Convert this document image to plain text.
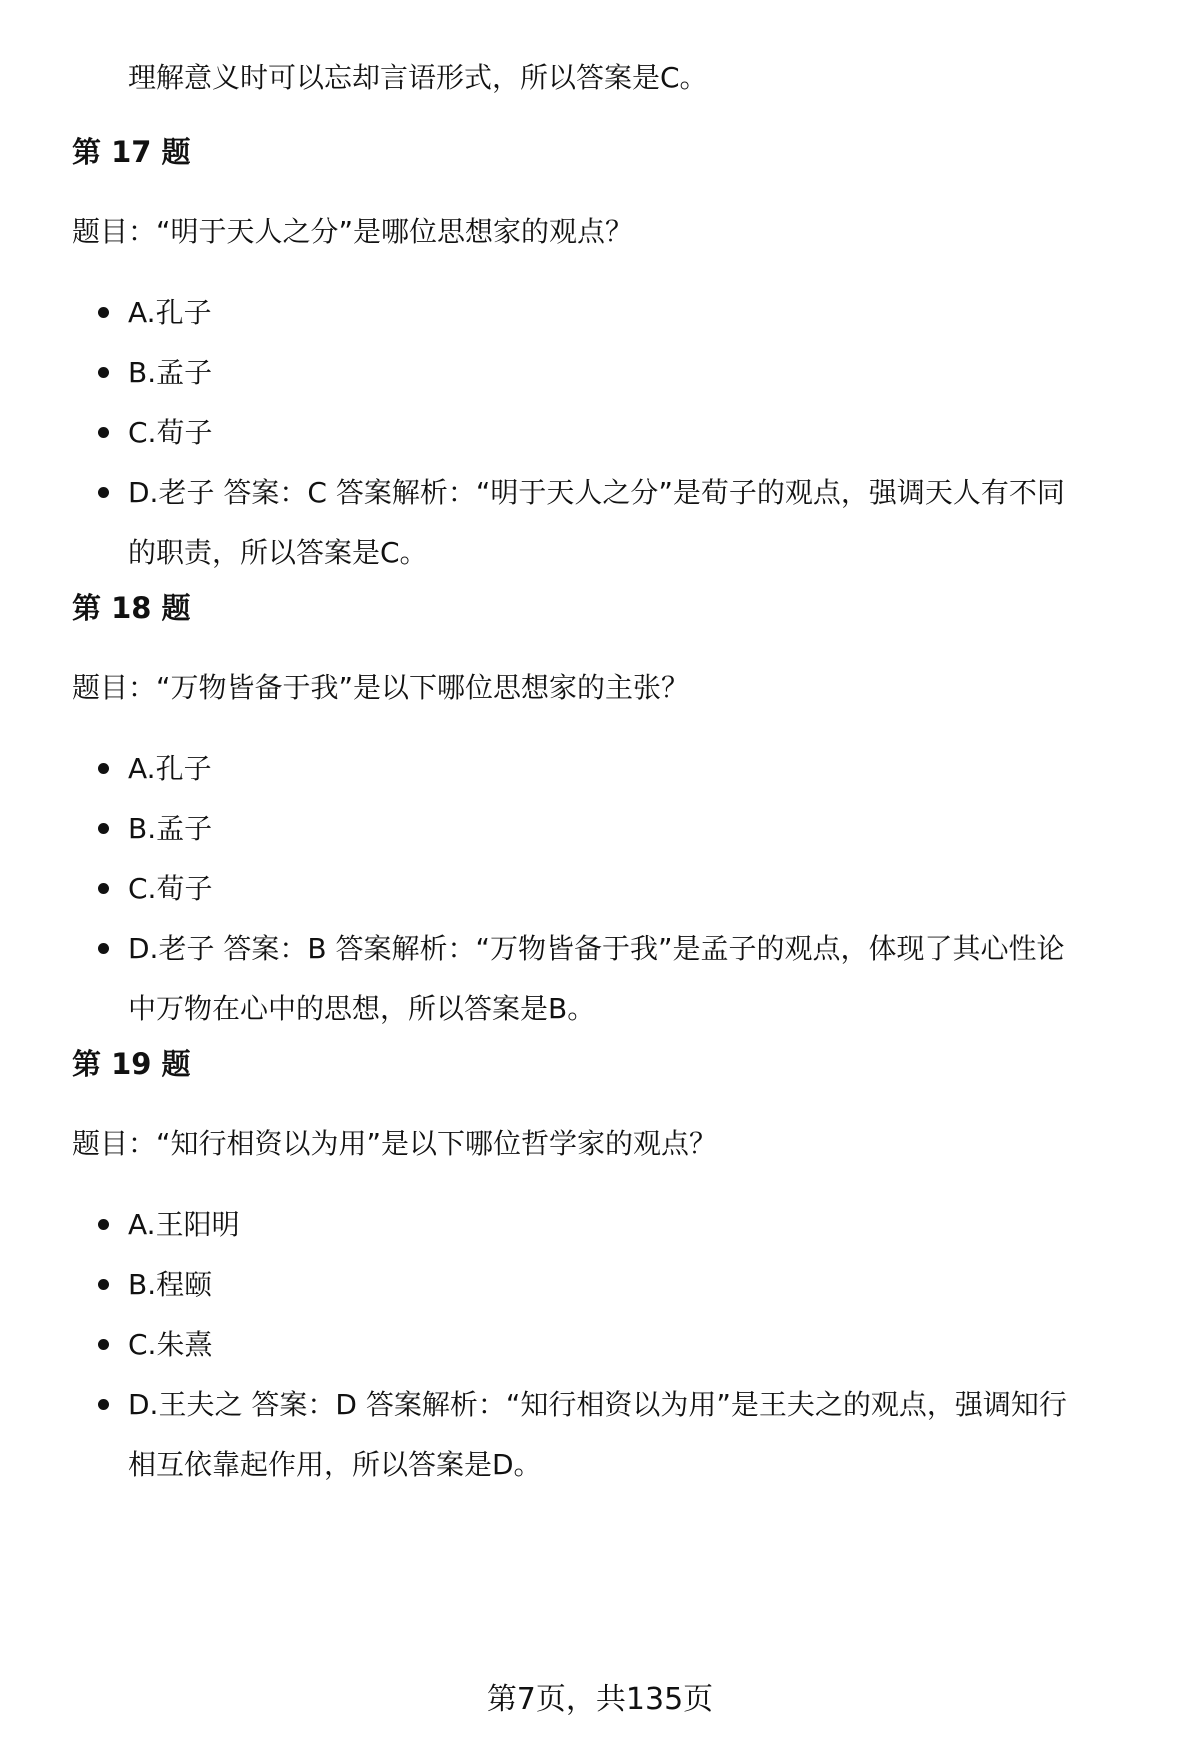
理解意义时可以忘却言语形式，所以答案是C。

第 17 题

题目：“明于天人之分”是哪位思想家的观点？

A.孔子
B.孟子
C.荀子
D.老子 答案：C 答案解析：“明于天人之分”是荀子的观点，强调天人有不同
的职责，所以答案是C。

第 18 题

题目：“万物皆备于我”是以下哪位思想家的主张？

A.孔子
B.孟子
C.荀子
D.老子 答案：B 答案解析：“万物皆备于我”是孟子的观点，体现了其心性论
中万物在心中的思想，所以答案是B。

第 19 题

题目：“知行相资以为用”是以下哪位哲学家的观点？

A.王阳明
B.程颐
C.朱熹
D.王夫之 答案：D 答案解析：“知行相资以为用”是王夫之的观点，强调知行
相互依靠起作用，所以答案是D。

第7页，共135页
